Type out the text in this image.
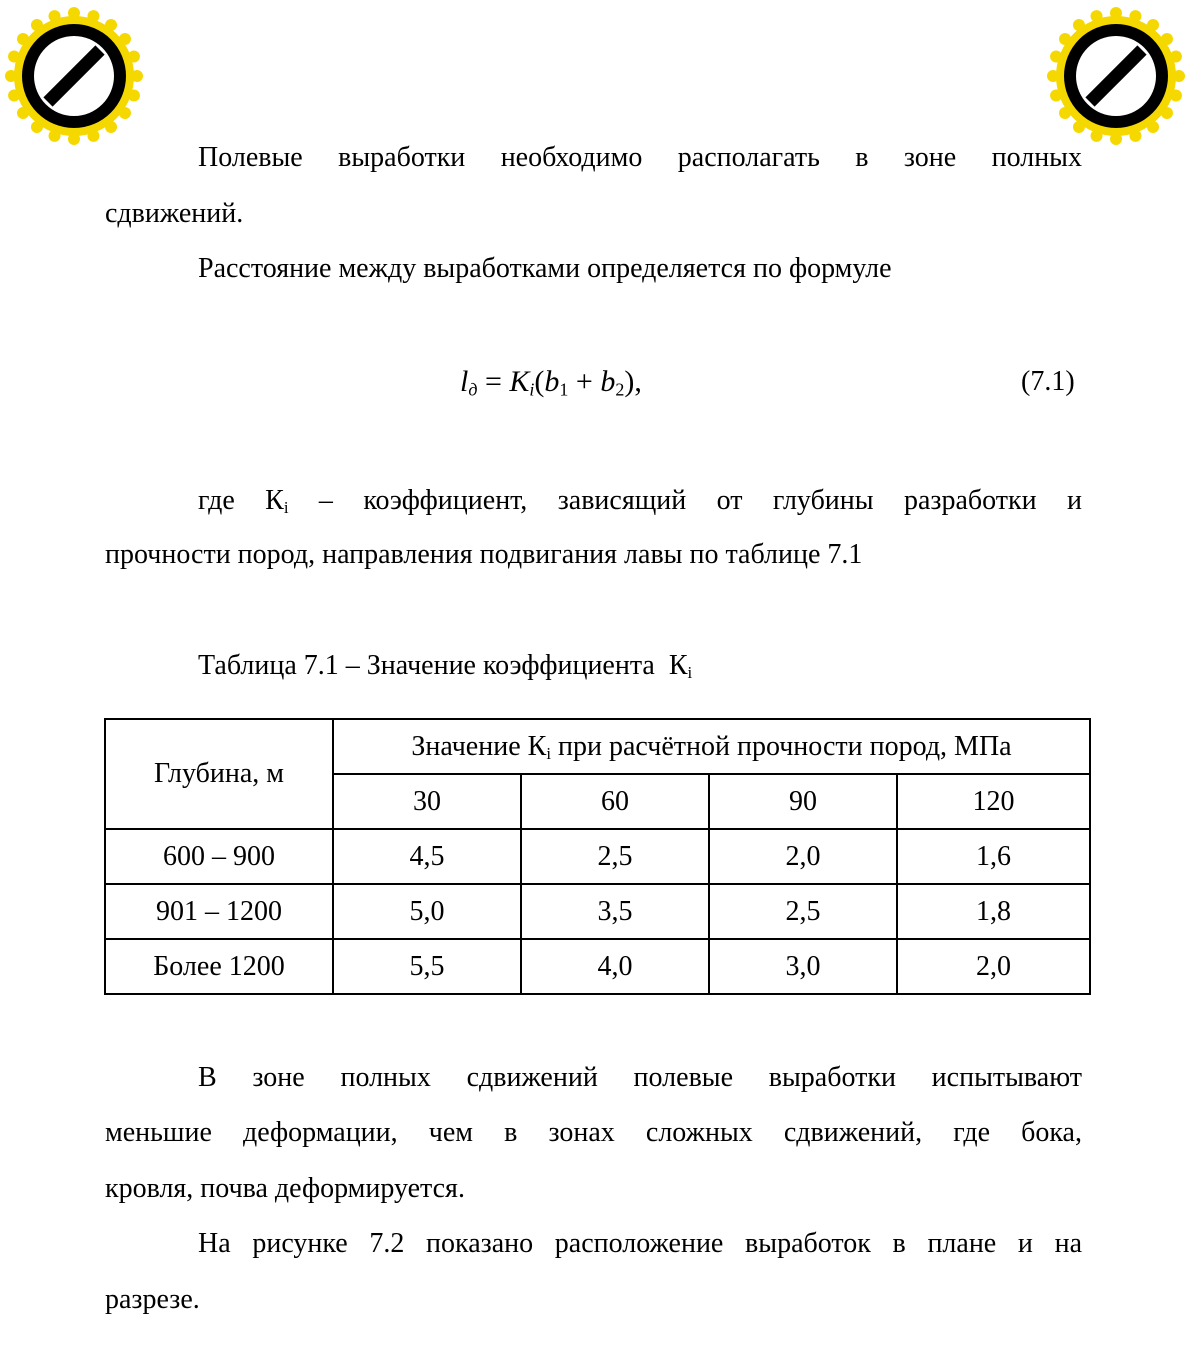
Полевые выработки необходимо располагать в зоне полных
сдвижений.
Расстояние между выработками определяется по формуле
$l_д = K_i(b_1 + b_2)$,	(7.1)
где $К_i$ – коэффициент, зависящий от глубины разработки и
прочности пород, направления подвигания лавы по таблице 7.1
Таблица 7.1 – Значение коэффициента  $К_i$
Глубина, м	Значение $К_i$ при расчётной прочности пород, МПа			
	30	60	90	120
600 – 900	4,5	2,5	2,0	1,6
901 – 1200	5,0	3,5	2,5	1,8
Более 1200	5,5	4,0	3,0	2,0
В зоне полных сдвижений полевые выработки испытывают
меньшие деформации, чем в зонах сложных сдвижений, где бока,
кровля, почва деформируется.
На рисунке 7.2 показано расположение выработок в плане и на
разрезе.
